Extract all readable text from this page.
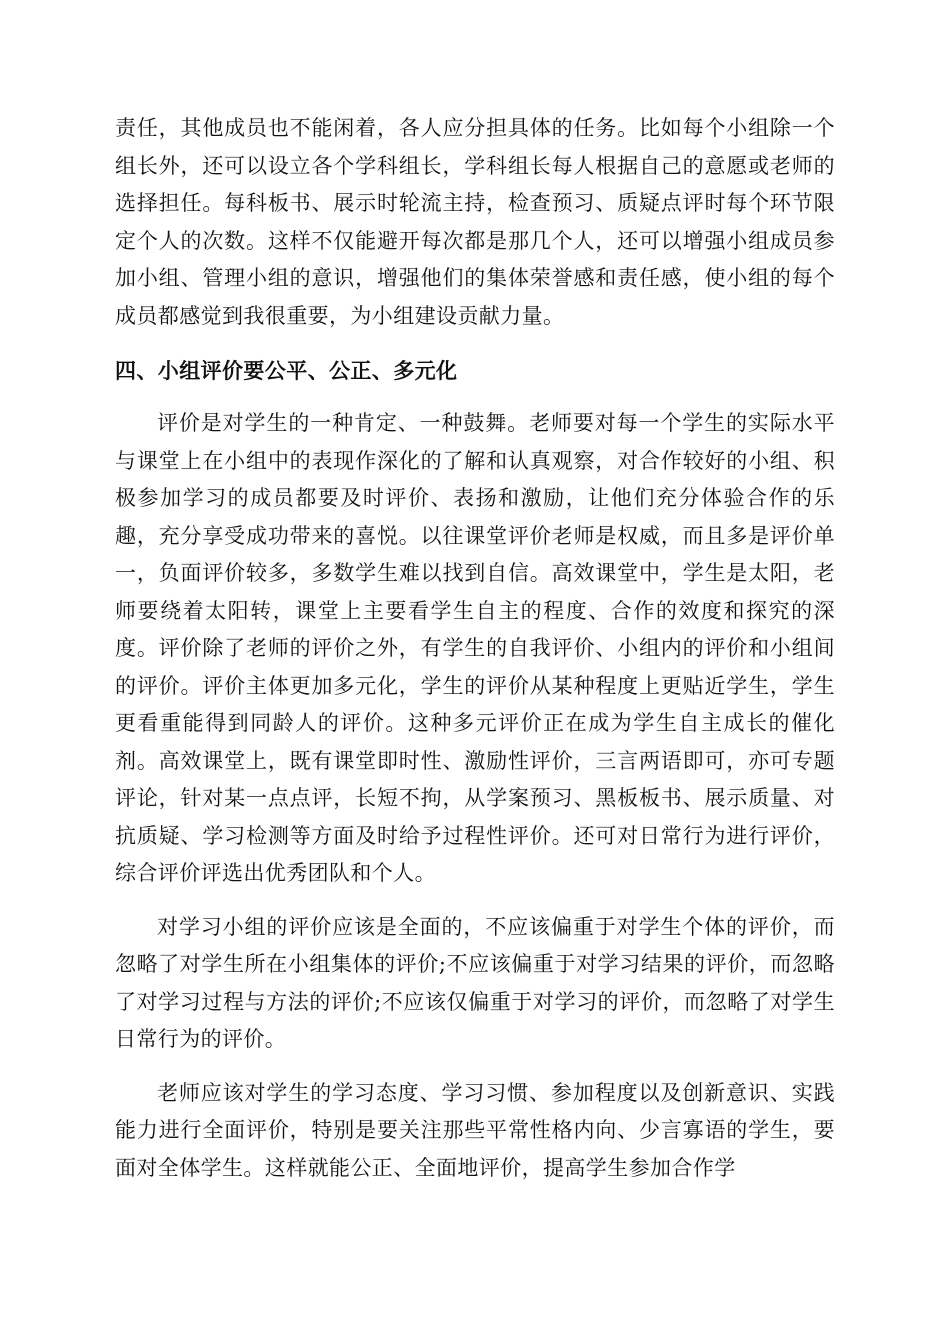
责任，其他成员也不能闲着，各人应分担具体的任务。比如每个小组除一个组长外，还可以设立各个学科组长，学科组长每人根据自己的意愿或老师的选择担任。每科板书、展示时轮流主持，检查预习、质疑点评时每个环节限定个人的次数。这样不仅能避开每次都是那几个人，还可以增强小组成员参加小组、管理小组的意识，增强他们的集体荣誉感和责任感，使小组的每个成员都感觉到我很重要，为小组建设贡献力量。

四、小组评价要公平、公正、多元化

评价是对学生的一种肯定、一种鼓舞。老师要对每一个学生的实际水平与课堂上在小组中的表现作深化的了解和认真观察，对合作较好的小组、积极参加学习的成员都要及时评价、表扬和激励，让他们充分体验合作的乐趣，充分享受成功带来的喜悦。以往课堂评价老师是权威，而且多是评价单一，负面评价较多，多数学生难以找到自信。高效课堂中，学生是太阳，老师要绕着太阳转，课堂上主要看学生自主的程度、合作的效度和探究的深度。评价除了老师的评价之外，有学生的自我评价、小组内的评价和小组间的评价。评价主体更加多元化，学生的评价从某种程度上更贴近学生，学生更看重能得到同龄人的评价。这种多元评价正在成为学生自主成长的催化剂。高效课堂上，既有课堂即时性、激励性评价，三言两语即可，亦可专题评论，针对某一点点评，长短不拘，从学案预习、黑板板书、展示质量、对抗质疑、学习检测等方面及时给予过程性评价。还可对日常行为进行评价，综合评价评选出优秀团队和个人。

对学习小组的评价应该是全面的，不应该偏重于对学生个体的评价，而忽略了对学生所在小组集体的评价;不应该偏重于对学习结果的评价，而忽略了对学习过程与方法的评价;不应该仅偏重于对学习的评价，而忽略了对学生日常行为的评价。

老师应该对学生的学习态度、学习习惯、参加程度以及创新意识、实践能力进行全面评价，特别是要关注那些平常性格内向、少言寡语的学生，要面对全体学生。这样就能公正、全面地评价，提高学生参加合作学
